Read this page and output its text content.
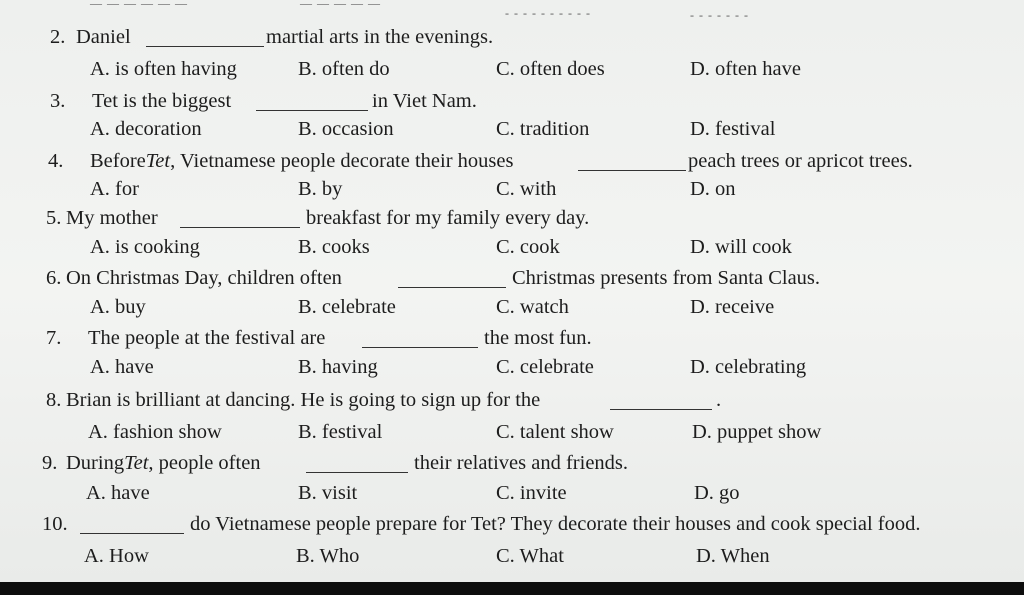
— — — — — —	— — — — —
- - - - - - - - - -	- - - - - - -
2. Daniel	martial arts in the evenings.
A. is often having	B. often do	C. often does	D. often have
3. Tet is the biggest	in Viet Nam.
A. decoration	B. occasion	C. tradition	D. festival
4. Before Tet , Vietnamese people decorate their houses	peach trees or apricot trees.
A. for	B. by	C. with	D. on
5. My mother	breakfast for my family every day.
A. is cooking	B. cooks	C. cook	D. will cook
6. On Christmas Day, children often	Christmas presents from Santa Claus.
A. buy	B. celebrate	C. watch	D. receive
7. The people at the festival are	the most fun.
A. have	B. having	C. celebrate	D. celebrating
8. Brian is brilliant at dancing. He is going to sign up for the	.
A. fashion show	B. festival	C. talent show	D. puppet show
9. During Tet , people often	their relatives and friends.
A. have	B. visit	C. invite	D. go
10.	do Vietnamese people prepare for Tet? They decorate their houses and cook special food.
A. How	B. Who	C. What	D. When
